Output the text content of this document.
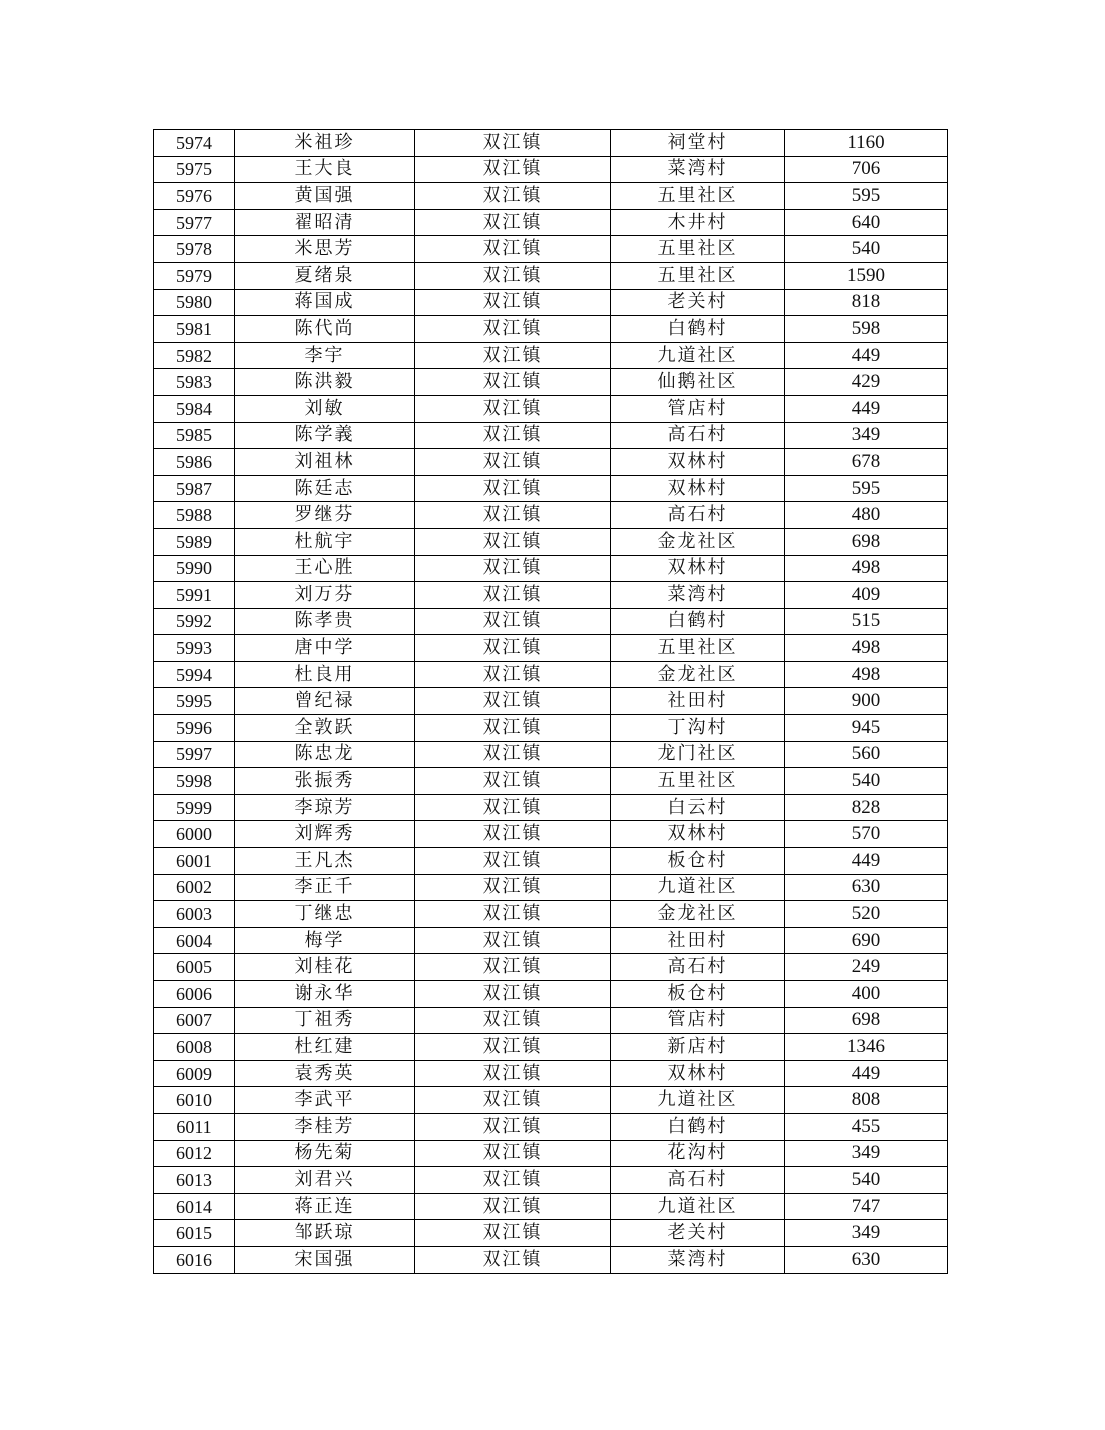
5974	米祖珍	双江镇	祠堂村	1160
5975	王大良	双江镇	菜湾村	706
5976	黄国强	双江镇	五里社区	595
5977	翟昭清	双江镇	木井村	640
5978	米思芳	双江镇	五里社区	540
5979	夏绪泉	双江镇	五里社区	1590
5980	蒋国成	双江镇	老关村	818
5981	陈代尚	双江镇	白鹤村	598
5982	李宇	双江镇	九道社区	449
5983	陈洪毅	双江镇	仙鹅社区	429
5984	刘敏	双江镇	管店村	449
5985	陈学義	双江镇	高石村	349
5986	刘祖林	双江镇	双林村	678
5987	陈廷志	双江镇	双林村	595
5988	罗继芬	双江镇	高石村	480
5989	杜航宇	双江镇	金龙社区	698
5990	王心胜	双江镇	双林村	498
5991	刘万芬	双江镇	菜湾村	409
5992	陈孝贵	双江镇	白鹤村	515
5993	唐中学	双江镇	五里社区	498
5994	杜良用	双江镇	金龙社区	498
5995	曾纪禄	双江镇	社田村	900
5996	全敦跃	双江镇	丁沟村	945
5997	陈忠龙	双江镇	龙门社区	560
5998	张振秀	双江镇	五里社区	540
5999	李琼芳	双江镇	白云村	828
6000	刘辉秀	双江镇	双林村	570
6001	王凡杰	双江镇	板仓村	449
6002	李正千	双江镇	九道社区	630
6003	丁继忠	双江镇	金龙社区	520
6004	梅学	双江镇	社田村	690
6005	刘桂花	双江镇	高石村	249
6006	谢永华	双江镇	板仓村	400
6007	丁祖秀	双江镇	管店村	698
6008	杜红建	双江镇	新店村	1346
6009	袁秀英	双江镇	双林村	449
6010	李武平	双江镇	九道社区	808
6011	李桂芳	双江镇	白鹤村	455
6012	杨先菊	双江镇	花沟村	349
6013	刘君兴	双江镇	高石村	540
6014	蒋正连	双江镇	九道社区	747
6015	邹跃琼	双江镇	老关村	349
6016	宋国强	双江镇	菜湾村	630
